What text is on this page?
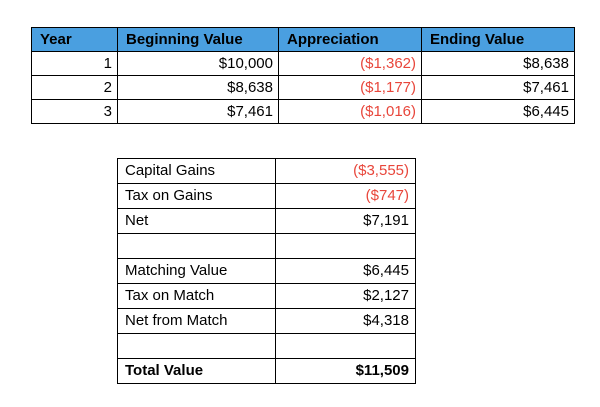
Year	Beginning Value	Appreciation	Ending Value
1	$10,000	($1,362)	$8,638
2	$8,638	($1,177)	$7,461
3	$7,461	($1,016)	$6,445
Capital Gains	($3,555)
Tax on Gains	($747)
Net	$7,191

Matching Value	$6,445
Tax on Match	$2,127
Net from Match	$4,318

Total Value	$11,509
